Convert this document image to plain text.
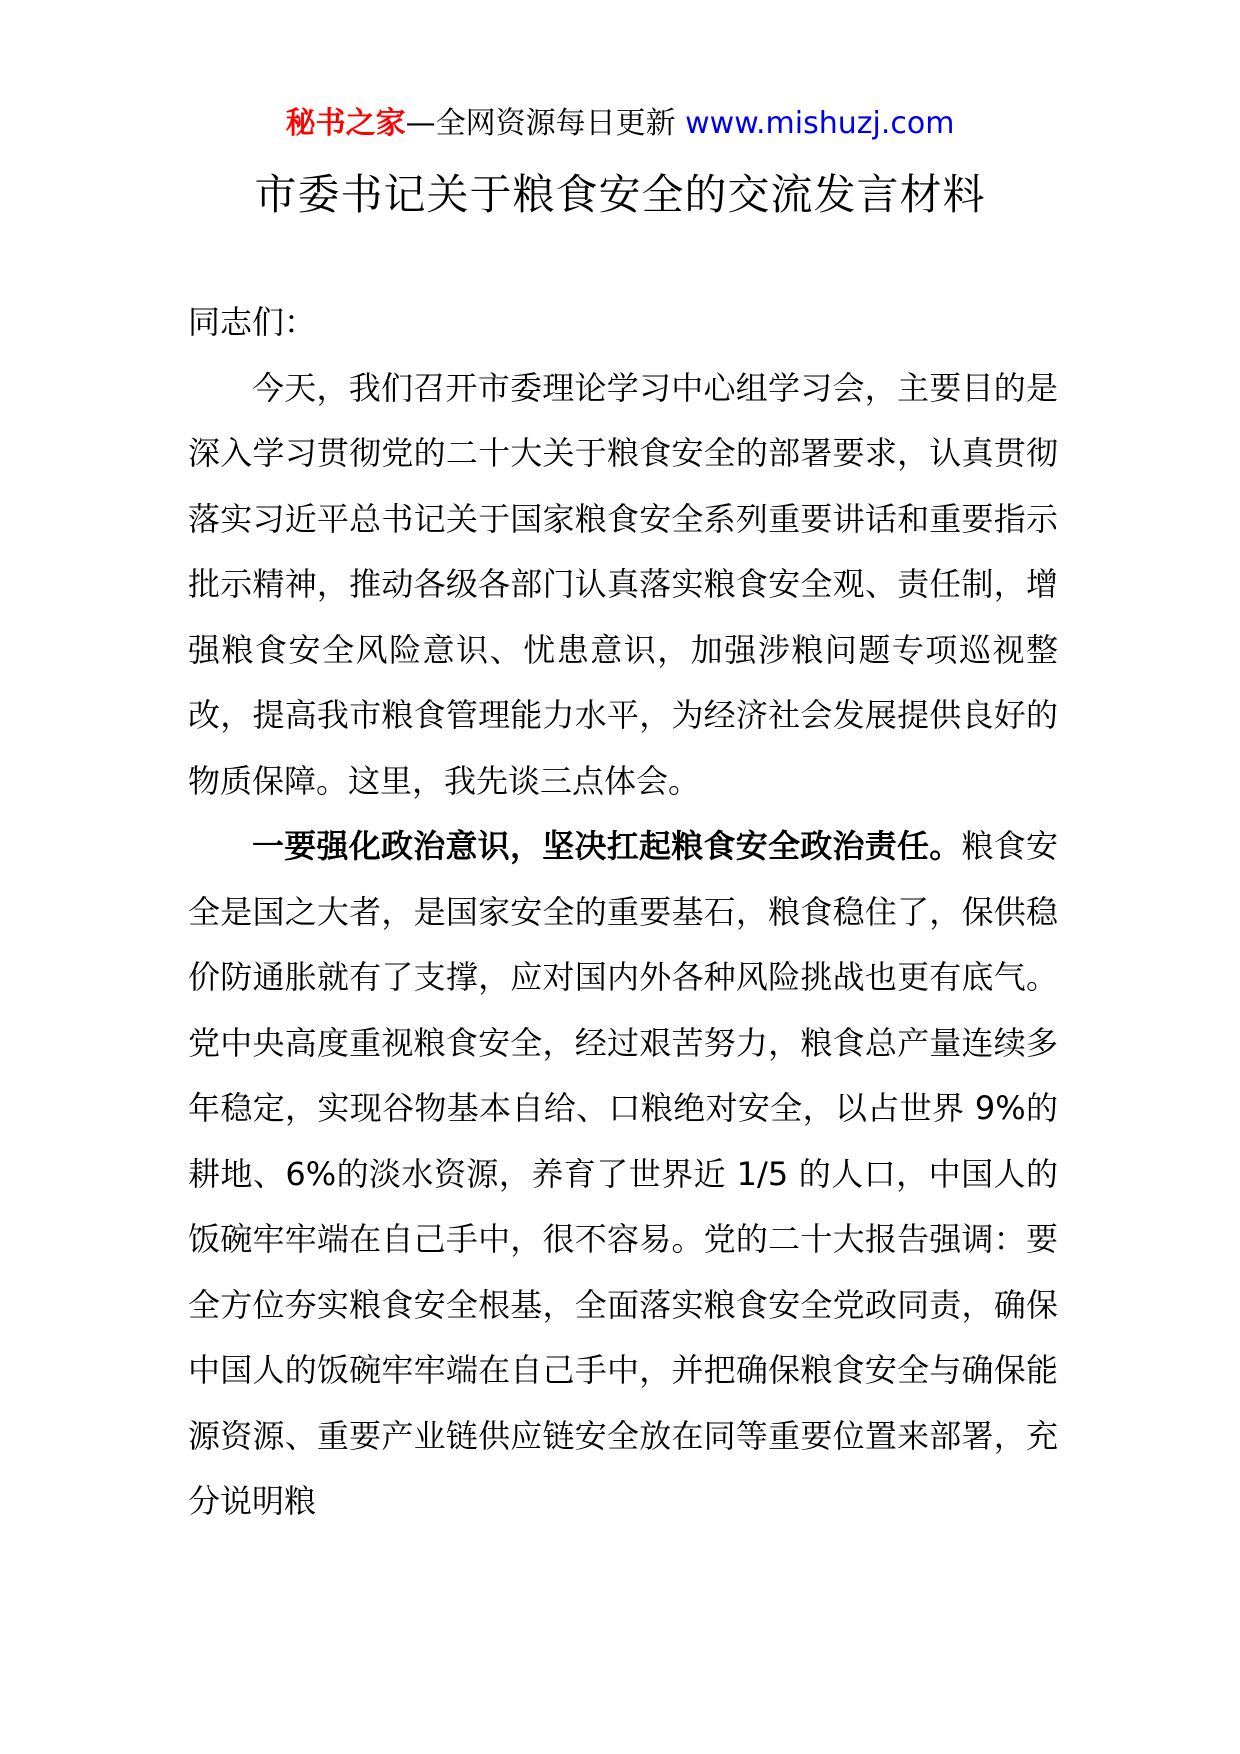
秘书之家—全网资源每日更新 www.mishuzj.com
市委书记关于粮食安全的交流发言材料

同志们：

今天，我们召开市委理论学习中心组学习会，主要目的是深入学习贯彻党的二十大关于粮食安全的部署要求，认真贯彻落实习近平总书记关于国家粮食安全系列重要讲话和重要指示批示精神，推动各级各部门认真落实粮食安全观、责任制，增强粮食安全风险意识、忧患意识，加强涉粮问题专项巡视整改，提高我市粮食管理能力水平，为经济社会发展提供良好的物质保障。这里，我先谈三点体会。

一要强化政治意识，坚决扛起粮食安全政治责任。粮食安全是国之大者，是国家安全的重要基石，粮食稳住了，保供稳价防通胀就有了支撑，应对国内外各种风险挑战也更有底气。党中央高度重视粮食安全，经过艰苦努力，粮食总产量连续多年稳定，实现谷物基本自给、口粮绝对安全，以占世界 9%的耕地、6%的淡水资源，养育了世界近 1/5 的人口，中国人的饭碗牢牢端在自己手中，很不容易。党的二十大报告强调：要全方位夯实粮食安全根基，全面落实粮食安全党政同责，确保中国人的饭碗牢牢端在自己手中，并把确保粮食安全与确保能源资源、重要产业链供应链安全放在同等重要位置来部署，充分说明粮
